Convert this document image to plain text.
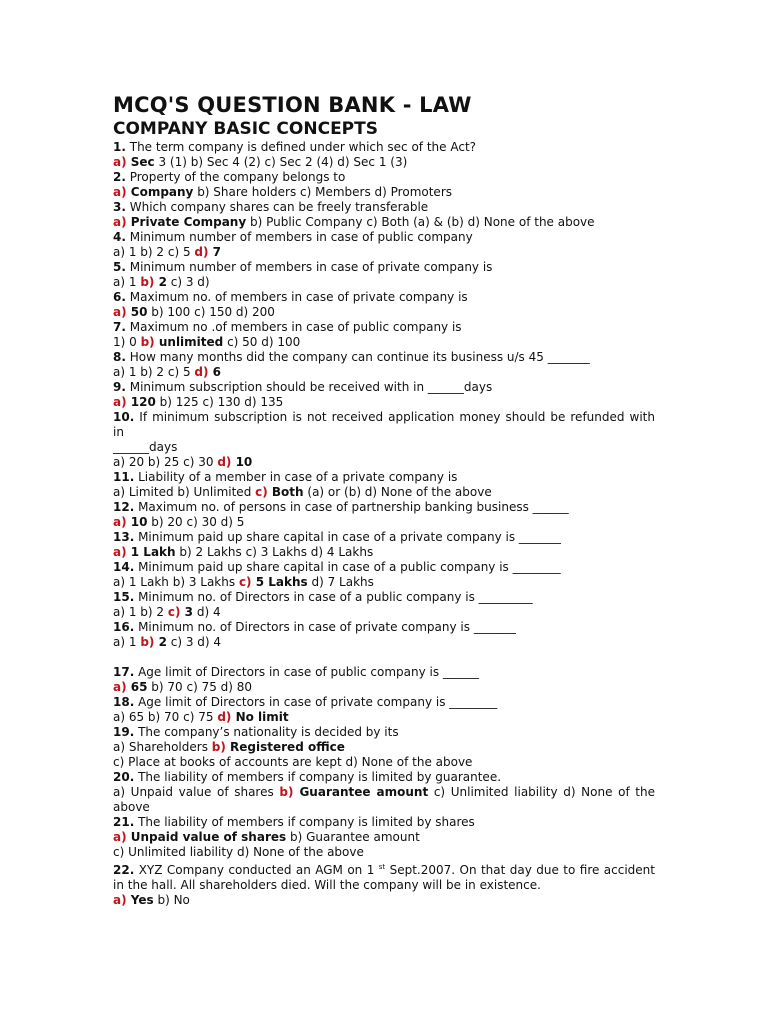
MCQ'S QUESTION BANK - LAW
COMPANY BASIC CONCEPTS
1. The term company is defined under which sec of the Act?
a) Sec 3 (1) b) Sec 4 (2) c) Sec 2 (4) d) Sec 1 (3)
2. Property of the company belongs to
a) Company b) Share holders c) Members d) Promoters
3. Which company shares can be freely transferable
a) Private Company b) Public Company c) Both (a) & (b) d) None of the above
4. Minimum number of members in case of public company
a) 1 b) 2 c) 5 d) 7
5. Minimum number of members in case of private company is
a) 1 b) 2 c) 3 d)
6. Maximum no. of members in case of private company is
a) 50 b) 100 c) 150 d) 200
7. Maximum no .of members in case of public company is
1) 0 b) unlimited c) 50 d) 100
8. How many months did the company can continue its business u/s 45 _______
a) 1 b) 2 c) 5 d) 6
9. Minimum subscription should be received with in ______days
a) 120 b) 125 c) 130 d) 135
10. If minimum subscription is not received application money should be refunded with in
______days
a) 20 b) 25 c) 30 d) 10
11. Liability of a member in case of a private company is
a) Limited b) Unlimited c) Both (a) or (b) d) None of the above
12. Maximum no. of persons in case of partnership banking business ______
a) 10 b) 20 c) 30 d) 5
13. Minimum paid up share capital in case of a private company is _______
a) 1 Lakh b) 2 Lakhs c) 3 Lakhs d) 4 Lakhs
14. Minimum paid up share capital in case of a public company is ________
a) 1 Lakh b) 3 Lakhs c) 5 Lakhs d) 7 Lakhs
15. Minimum no. of Directors in case of a public company is _________
a) 1 b) 2 c) 3 d) 4
16. Minimum no. of Directors in case of private company is _______
a) 1 b) 2 c) 3 d) 4
17. Age limit of Directors in case of public company is ______
a) 65 b) 70 c) 75 d) 80
18. Age limit of Directors in case of private company is ________
a) 65 b) 70 c) 75 d) No limit
19. The company’s nationality is decided by its
a) Shareholders b) Registered office
c) Place at books of accounts are kept d) None of the above
20. The liability of members if company is limited by guarantee.
a) Unpaid value of shares b) Guarantee amount c) Unlimited liability d) None of the above
21. The liability of members if company is limited by shares
a) Unpaid value of shares b) Guarantee amount
c) Unlimited liability d) None of the above
22. XYZ Company conducted an AGM on 1 $^{st}$ Sept.2007. On that day due to fire accident in the hall. All shareholders died. Will the company will be in existence.
a) Yes b) No
